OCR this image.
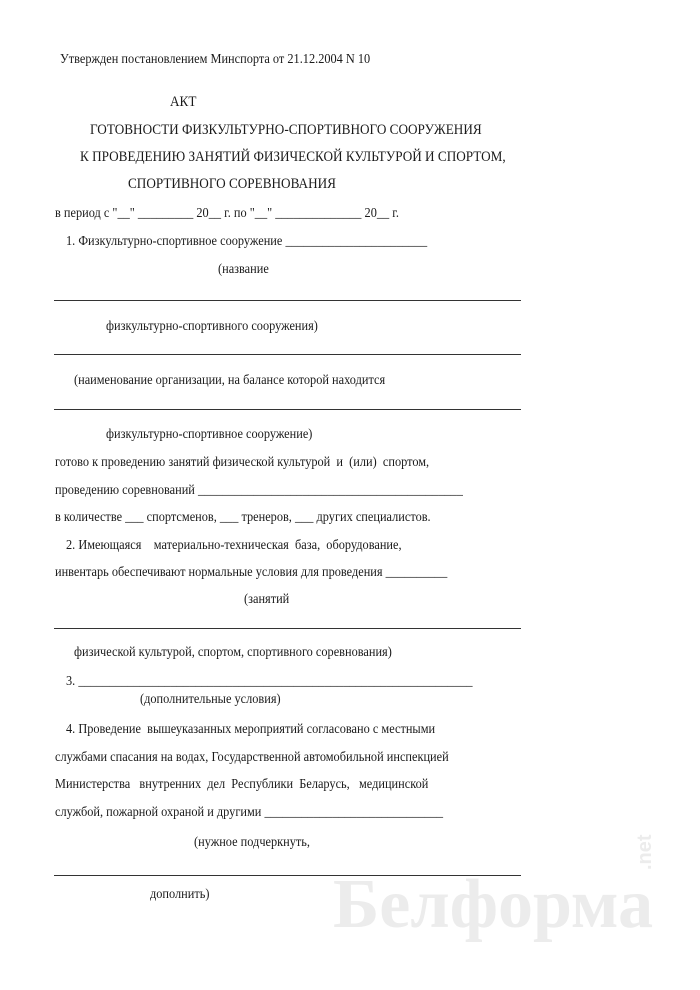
Утвержден постановлением Минспорта от 21.12.2004 N 10
АКТ
ГОТОВНОСТИ ФИЗКУЛЬТУРНО-СПОРТИВНОГО СООРУЖЕНИЯ
К ПРОВЕДЕНИЮ ЗАНЯТИЙ ФИЗИЧЕСКОЙ КУЛЬТУРОЙ И СПОРТОМ,
СПОРТИВНОГО СОРЕВНОВАНИЯ
в период с "__" _________ 20__ г. по "__" ______________ 20__ г.
1. Физкультурно-спортивное сооружение _______________________
(название
физкультурно-спортивного сооружения)
(наименование организации, на балансе которой находится
физкультурно-спортивное сооружение)
готово к проведению занятий физической культурой  и  (или)  спортом,
проведению соревнований ___________________________________________
в количестве ___ спортсменов, ___ тренеров, ___ других специалистов.
2. Имеющаяся    материально-техническая  база,  оборудование,
инвентарь обеспечивают нормальные условия для проведения __________
(занятий
физической культурой, спортом, спортивного соревнования)
3. ________________________________________________________________
(дополнительные условия)
4. Проведение  вышеуказанных мероприятий согласовано с местными
службами спасания на водах, Государственной автомобильной инспекцией
Министерства   внутренних  дел  Республики  Беларусь,   медицинской
службой, пожарной охраной и другими _____________________________
(нужное подчеркнуть,
дополнить) Белформа
.net
